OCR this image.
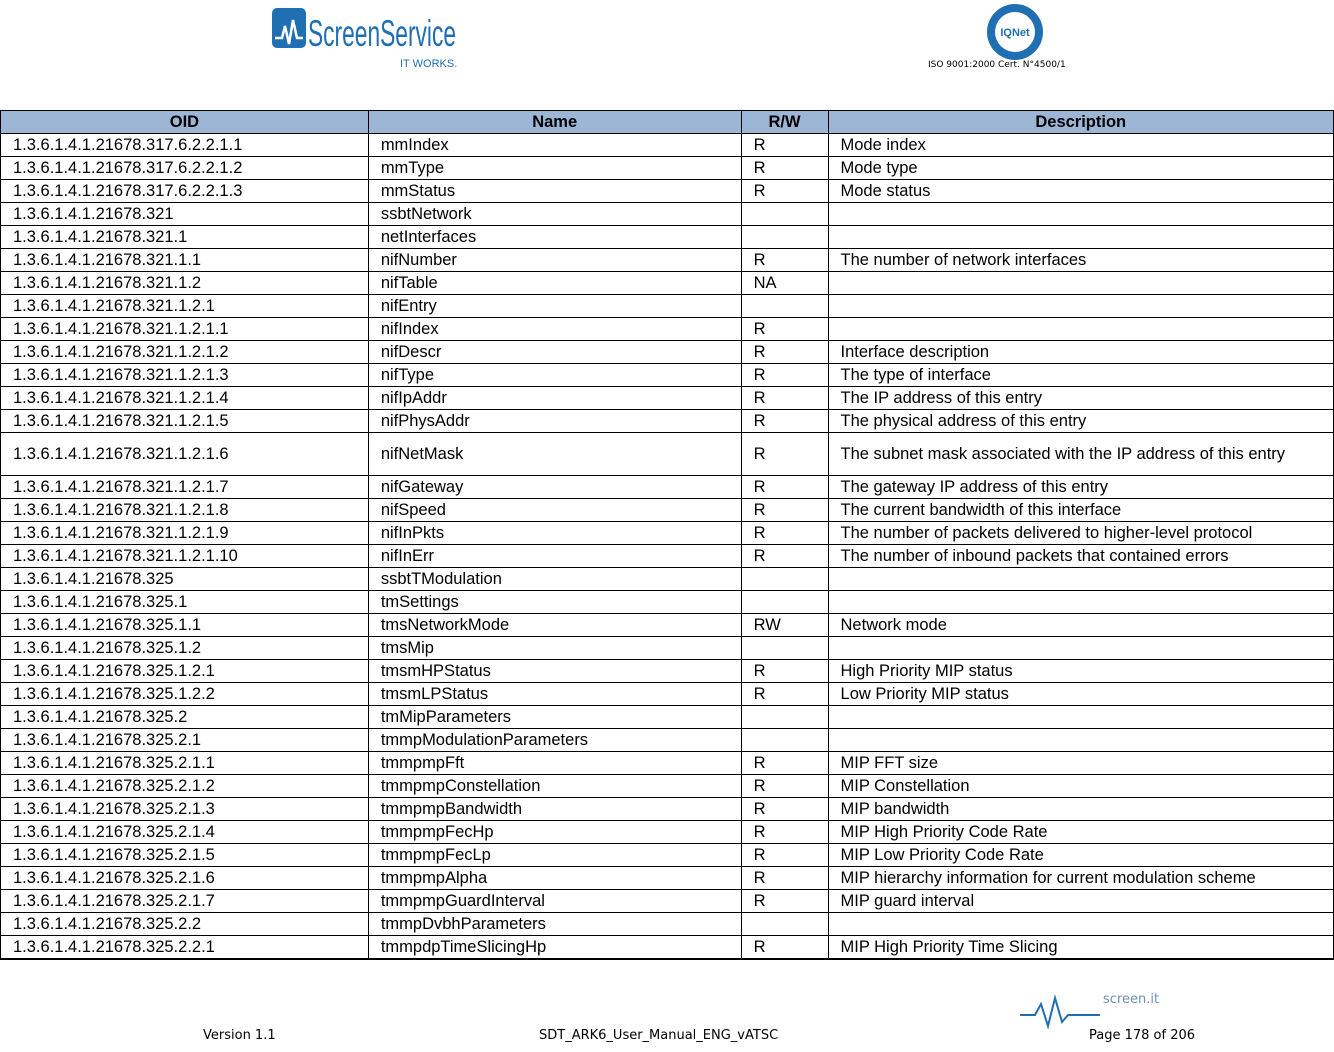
ScreenService
IT WORKS.
IQNet
ISO 9001:2000 Cert. N°4500/1
OID	Name	R/W	Description
1.3.6.1.4.1.21678.317.6.2.2.1.1	mmIndex	R	Mode index
1.3.6.1.4.1.21678.317.6.2.2.1.2	mmType	R	Mode type
1.3.6.1.4.1.21678.317.6.2.2.1.3	mmStatus	R	Mode status
1.3.6.1.4.1.21678.321	ssbtNetwork		
1.3.6.1.4.1.21678.321.1	netInterfaces		
1.3.6.1.4.1.21678.321.1.1	nifNumber	R	The number of network interfaces
1.3.6.1.4.1.21678.321.1.2	nifTable	NA	
1.3.6.1.4.1.21678.321.1.2.1	nifEntry		
1.3.6.1.4.1.21678.321.1.2.1.1	nifIndex	R	
1.3.6.1.4.1.21678.321.1.2.1.2	nifDescr	R	Interface description
1.3.6.1.4.1.21678.321.1.2.1.3	nifType	R	The type of interface
1.3.6.1.4.1.21678.321.1.2.1.4	nifIpAddr	R	The IP address of this entry
1.3.6.1.4.1.21678.321.1.2.1.5	nifPhysAddr	R	The physical address of this entry
1.3.6.1.4.1.21678.321.1.2.1.6	nifNetMask	R	The subnet mask associated with the IP address of this entry
1.3.6.1.4.1.21678.321.1.2.1.7	nifGateway	R	The gateway IP address of this entry
1.3.6.1.4.1.21678.321.1.2.1.8	nifSpeed	R	The current bandwidth of this interface
1.3.6.1.4.1.21678.321.1.2.1.9	nifInPkts	R	The number of packets delivered to higher-level protocol
1.3.6.1.4.1.21678.321.1.2.1.10	nifInErr	R	The number of inbound packets that contained errors
1.3.6.1.4.1.21678.325	ssbtTModulation		
1.3.6.1.4.1.21678.325.1	tmSettings		
1.3.6.1.4.1.21678.325.1.1	tmsNetworkMode	RW	Network mode
1.3.6.1.4.1.21678.325.1.2	tmsMip		
1.3.6.1.4.1.21678.325.1.2.1	tmsmHPStatus	R	High Priority MIP status
1.3.6.1.4.1.21678.325.1.2.2	tmsmLPStatus	R	Low Priority MIP status
1.3.6.1.4.1.21678.325.2	tmMipParameters		
1.3.6.1.4.1.21678.325.2.1	tmmpModulationParameters		
1.3.6.1.4.1.21678.325.2.1.1	tmmpmpFft	R	MIP FFT size
1.3.6.1.4.1.21678.325.2.1.2	tmmpmpConstellation	R	MIP Constellation
1.3.6.1.4.1.21678.325.2.1.3	tmmpmpBandwidth	R	MIP bandwidth
1.3.6.1.4.1.21678.325.2.1.4	tmmpmpFecHp	R	MIP High Priority Code Rate
1.3.6.1.4.1.21678.325.2.1.5	tmmpmpFecLp	R	MIP Low Priority Code Rate
1.3.6.1.4.1.21678.325.2.1.6	tmmpmpAlpha	R	MIP hierarchy information for current modulation scheme
1.3.6.1.4.1.21678.325.2.1.7	tmmpmpGuardInterval	R	MIP guard interval
1.3.6.1.4.1.21678.325.2.2	tmmpDvbhParameters		
1.3.6.1.4.1.21678.325.2.2.1	tmmpdpTimeSlicingHp	R	MIP High Priority Time Slicing
screen.it
Version 1.1	SDT_ARK6_User_Manual_ENG_vATSC	Page 178 of 206
